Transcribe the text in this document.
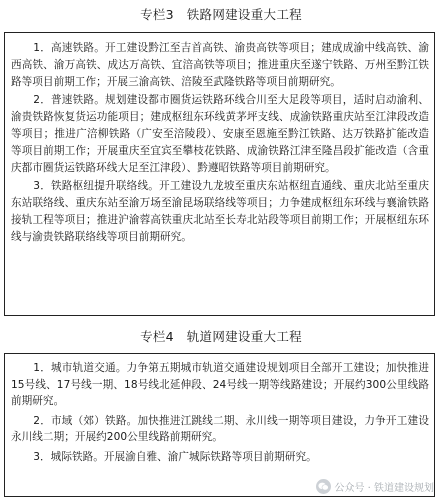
专栏3　铁路网建设重大工程

1．高速铁路。开工建设黔江至吉首高铁、渝贵高铁等项目；建成成渝中线高铁、渝西高铁、渝万高铁、成达万高铁、宜涪高铁等项目；推进重庆至遂宁铁路、万州至黔江铁路等项目前期工作；开展三渝高铁、涪陵至武隆铁路等项目前期研究。

2．普速铁路。规划建设都市圈货运铁路环线合川至大足段等项目，适时启动渝利、渝贵铁路恢复货运功能项目；建成枢纽东环线黄茅坪支线、成渝铁路重庆站至江津段改造等项目；推进广涪柳铁路（广安至涪陵段）、安康至恩施至黔江铁路、达万铁路扩能改造等项目前期工作；开展重庆至宜宾至攀枝花铁路、成渝铁路江津至隆昌段扩能改造（含重庆都市圈货运铁路环线大足至江津段）、黔遵昭铁路等项目前期研究。

3．铁路枢纽提升联络线。开工建设九龙坡至重庆东站枢纽直通线、重庆北站至重庆东站联络线、重庆东站至渝万场至渝昆场联络线等项目；力争建成枢纽东环线与襄渝铁路接轨工程等项目；推进沪渝蓉高铁重庆北站至长寿北站段等项目前期工作；开展枢纽东环线与渝贵铁路联络线等项目前期研究。

专栏4　轨道网建设重大工程

1．城市轨道交通。力争第五期城市轨道交通建设规划项目全部开工建设；加快推进15号线、17号线一期、18号线北延伸段、24号线一期等线路建设；开展约300公里线路前期研究。

2．市域（郊）铁路。加快推进江跳线二期、永川线一期等项目建设，力争开工建设永川线二期；开展约200公里线路前期研究。

3．城际铁路。开展渝自雅、渝广城际铁路等项目前期研究。

公众号 · 铁道建设规划
